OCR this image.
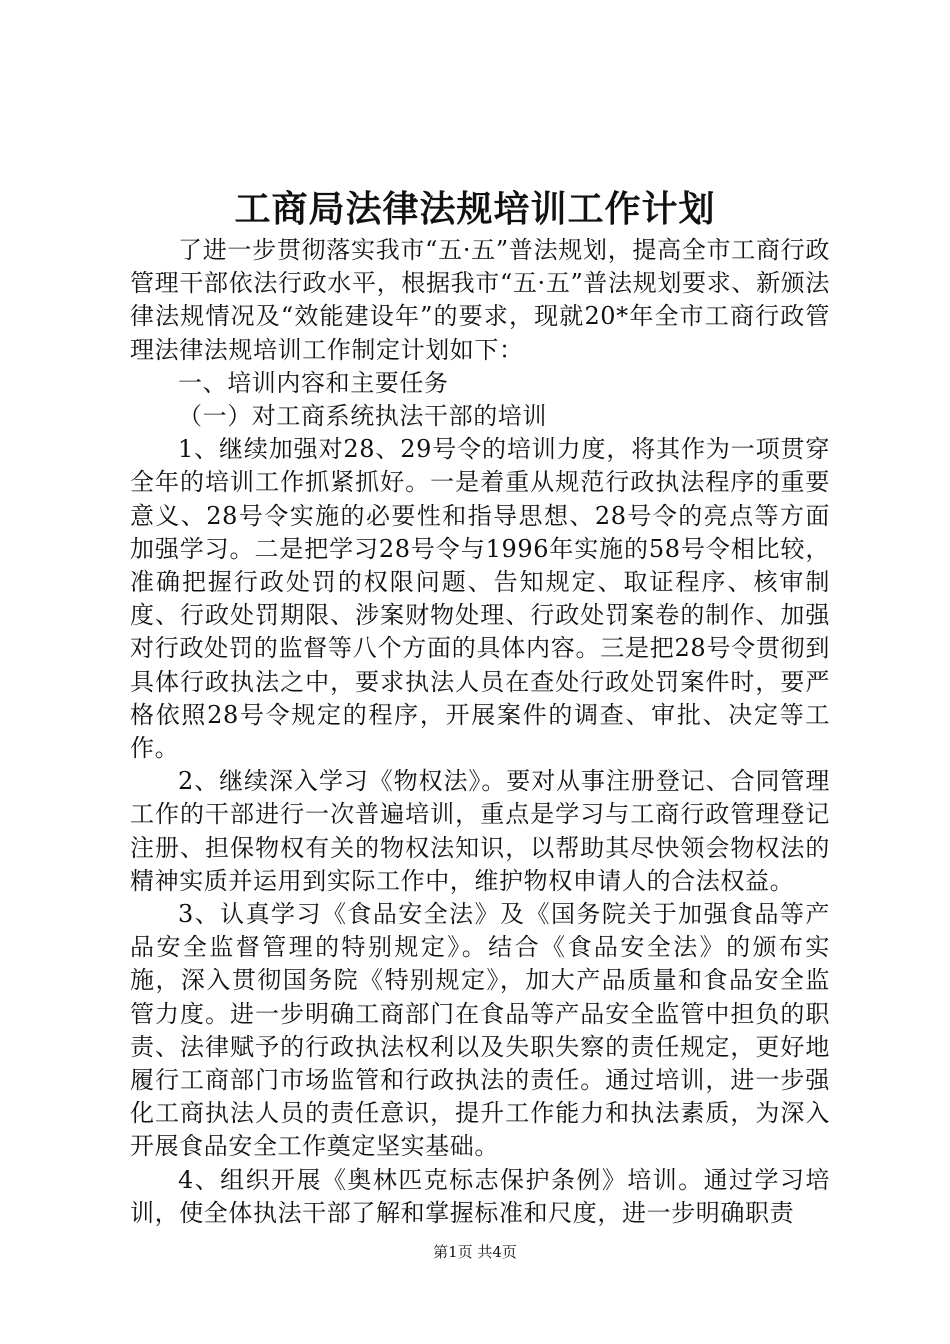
工商局法律法规培训工作计划

了进一步贯彻落实我市“五·五”普法规划，提高全市工商行政管理干部依法行政水平，根据我市“五·五”普法规划要求、新颁法律法规情况及“效能建设年”的要求，现就20*年全市工商行政管理法律法规培训工作制定计划如下：

一、培训内容和主要任务

（一）对工商系统执法干部的培训

1、继续加强对28、29号令的培训力度，将其作为一项贯穿全年的培训工作抓紧抓好。一是着重从规范行政执法程序的重要意义、28号令实施的必要性和指导思想、28号令的亮点等方面加强学习。二是把学习28号令与1996年实施的58号令相比较，准确把握行政处罚的权限问题、告知规定、取证程序、核审制度、行政处罚期限、涉案财物处理、行政处罚案卷的制作、加强对行政处罚的监督等八个方面的具体内容。三是把28号令贯彻到具体行政执法之中，要求执法人员在查处行政处罚案件时，要严格依照28号令规定的程序，开展案件的调查、审批、决定等工作。

2、继续深入学习《物权法》。要对从事注册登记、合同管理工作的干部进行一次普遍培训，重点是学习与工商行政管理登记注册、担保物权有关的物权法知识，以帮助其尽快领会物权法的精神实质并运用到实际工作中，维护物权申请人的合法权益。

3、认真学习《食品安全法》及《国务院关于加强食品等产品安全监督管理的特别规定》。结合《食品安全法》的颁布实施，深入贯彻国务院《特别规定》，加大产品质量和食品安全监管力度。进一步明确工商部门在食品等产品安全监管中担负的职责、法律赋予的行政执法权利以及失职失察的责任规定，更好地履行工商部门市场监管和行政执法的责任。通过培训，进一步强化工商执法人员的责任意识，提升工作能力和执法素质，为深入开展食品安全工作奠定坚实基础。

4、组织开展《奥林匹克标志保护条例》培训。通过学习培训，使全体执法干部了解和掌握标准和尺度，进一步明确职责

第1页 共4页
